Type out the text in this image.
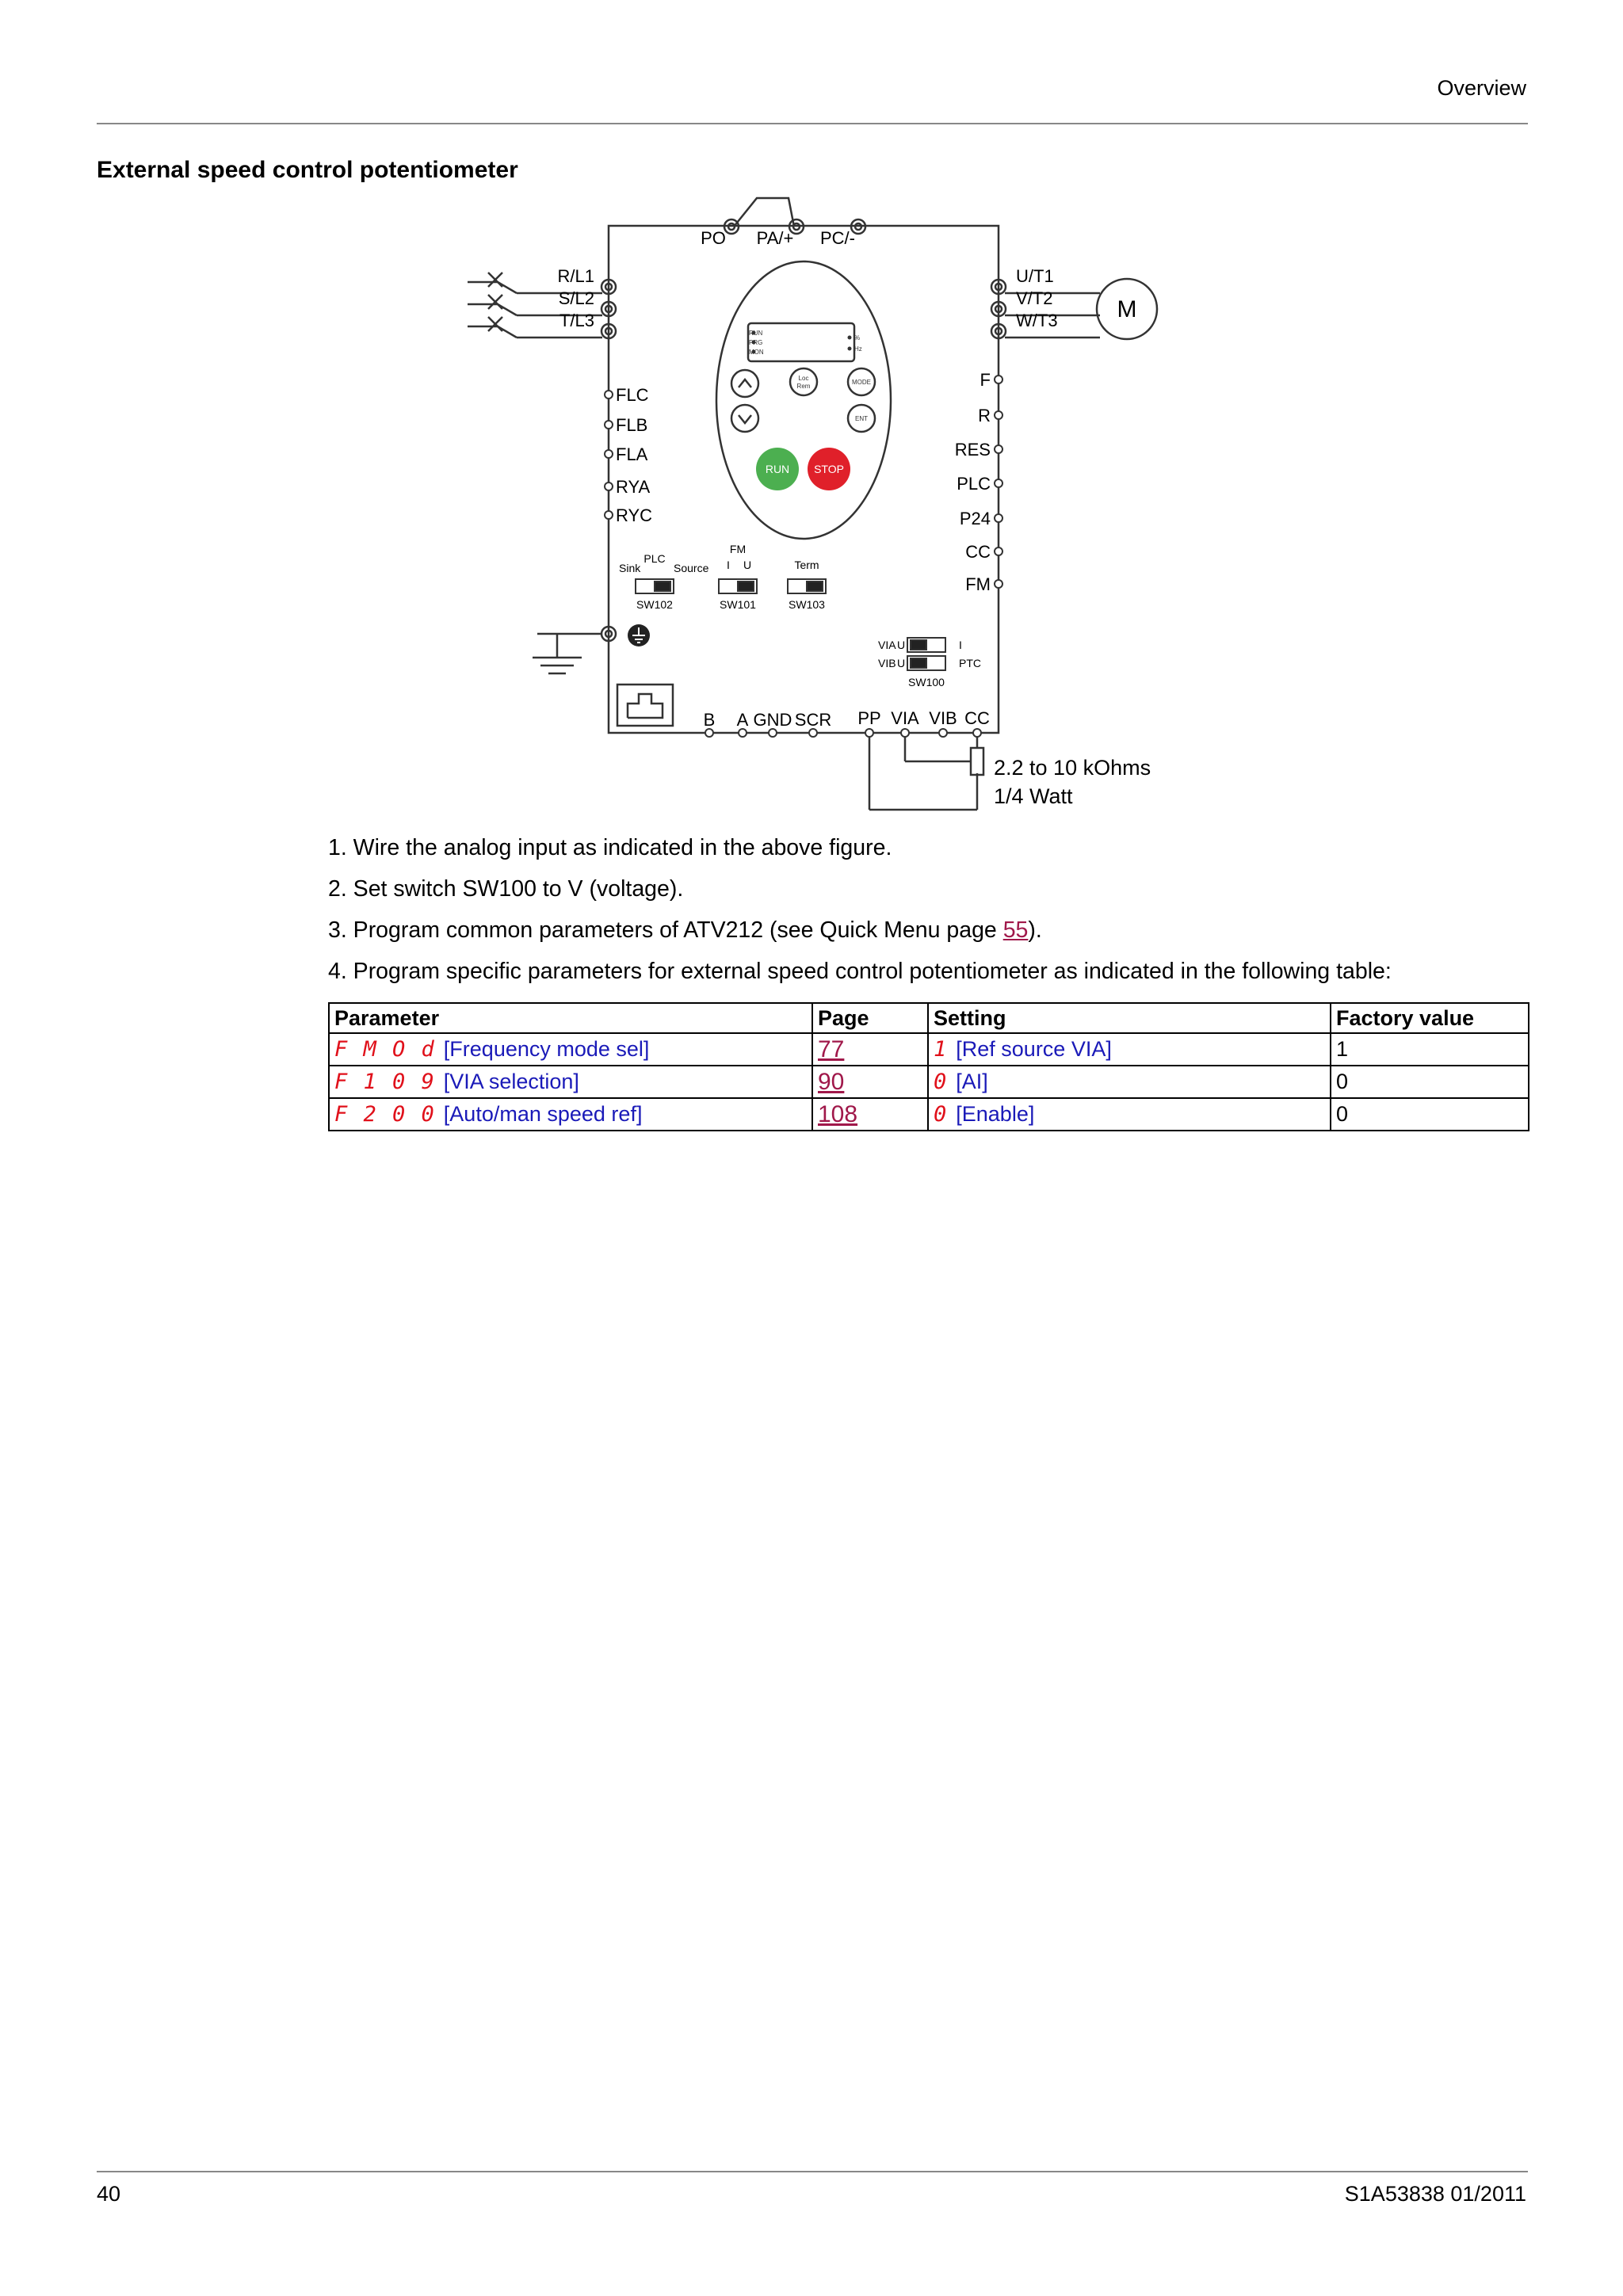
Overview
External speed control potentiometer
PO PA/+ PC/-
R/L1
S/L2
T/L3
U/T1
V/T2
W/T3 M
FLC
FLB
FLA
RYA
RYC
F
R
RES
PLC
P24
CC
FM
B A GND SCR PP VIA VIB CC
2.2 to 10 kOhms
1/4 Watt
RUN
PRG
MON
%
Hz
Loc
Rem
MODE
ENT
RUN STOP
PLC
Sink	Source
SW102
FM
I U
SW101
Term
SW103
VIA
VIB
U
U
I
PTC
SW100
1. Wire the analog input as indicated in the above figure.
2. Set switch SW100 to V (voltage).
3. Program common parameters of ATV212 (see Quick Menu page 55).
4. Program specific parameters for external speed control potentiometer as indicated in the following table:
Parameter	Page	Setting	Factory value
F M O d [Frequency mode sel]	77	1 [Ref source VIA]	1
F 1 0 9 [VIA selection]	90	0 [AI]	0
F 2 0 0 [Auto/man speed ref]	108	0 [Enable]	0
40	S1A53838 01/2011
